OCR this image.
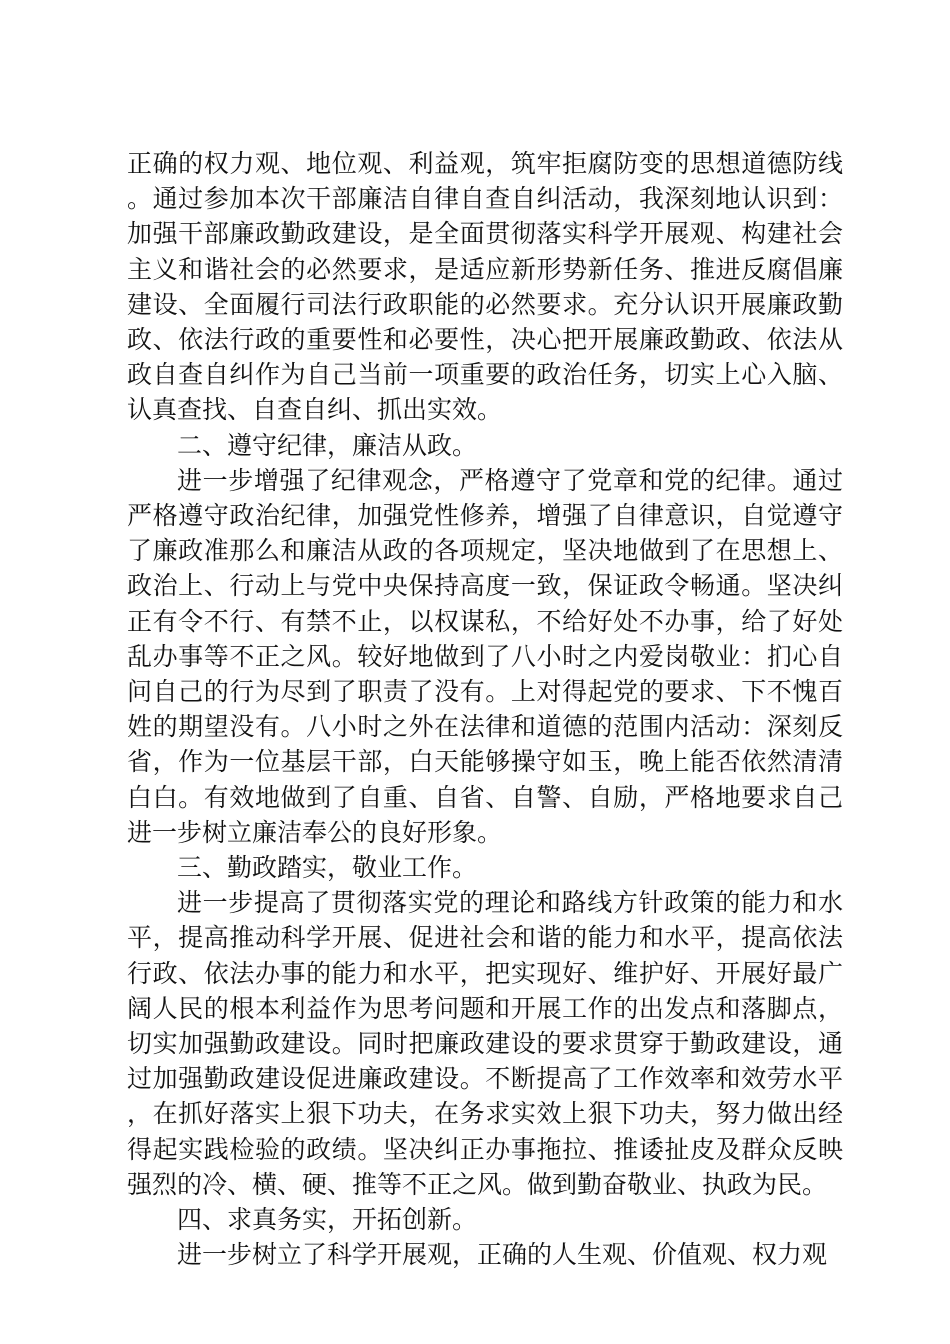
正确的权力观、地位观、利益观，筑牢拒腐防变的思想道德防线。通过参加本次干部廉洁自律自查自纠活动，我深刻地认识到：加强干部廉政勤政建设，是全面贯彻落实科学开展观、构建社会主义和谐社会的必然要求，是适应新形势新任务、推进反腐倡廉建设、全面履行司法行政职能的必然要求。充分认识开展廉政勤政、依法行政的重要性和必要性，决心把开展廉政勤政、依法从政自查自纠作为自己当前一项重要的政治任务，切实上心入脑、认真查找、自查自纠、抓出实效。

二、遵守纪律，廉洁从政。

进一步增强了纪律观念，严格遵守了党章和党的纪律。通过严格遵守政治纪律，加强党性修养，增强了自律意识，自觉遵守了廉政准那么和廉洁从政的各项规定，坚决地做到了在思想上、政治上、行动上与党中央保持高度一致，保证政令畅通。坚决纠正有令不行、有禁不止，以权谋私，不给好处不办事，给了好处乱办事等不正之风。较好地做到了八小时之内爱岗敬业：扪心自问自己的行为尽到了职责了没有。上对得起党的要求、下不愧百姓的期望没有。八小时之外在法律和道德的范围内活动：深刻反省，作为一位基层干部，白天能够操守如玉，晚上能否依然清清白白。有效地做到了自重、自省、自警、自励，严格地要求自己进一步树立廉洁奉公的良好形象。

三、勤政踏实，敬业工作。

进一步提高了贯彻落实党的理论和路线方针政策的能力和水平，提高推动科学开展、促进社会和谐的能力和水平，提高依法行政、依法办事的能力和水平，把实现好、维护好、开展好最广阔人民的根本利益作为思考问题和开展工作的出发点和落脚点，切实加强勤政建设。同时把廉政建设的要求贯穿于勤政建设，通过加强勤政建设促进廉政建设。不断提高了工作效率和效劳水平，在抓好落实上狠下功夫，在务求实效上狠下功夫，努力做出经得起实践检验的政绩。坚决纠正办事拖拉、推诿扯皮及群众反映强烈的冷、横、硬、推等不正之风。做到勤奋敬业、执政为民。

四、求真务实，开拓创新。

进一步树立了科学开展观，正确的人生观、价值观、权力观
